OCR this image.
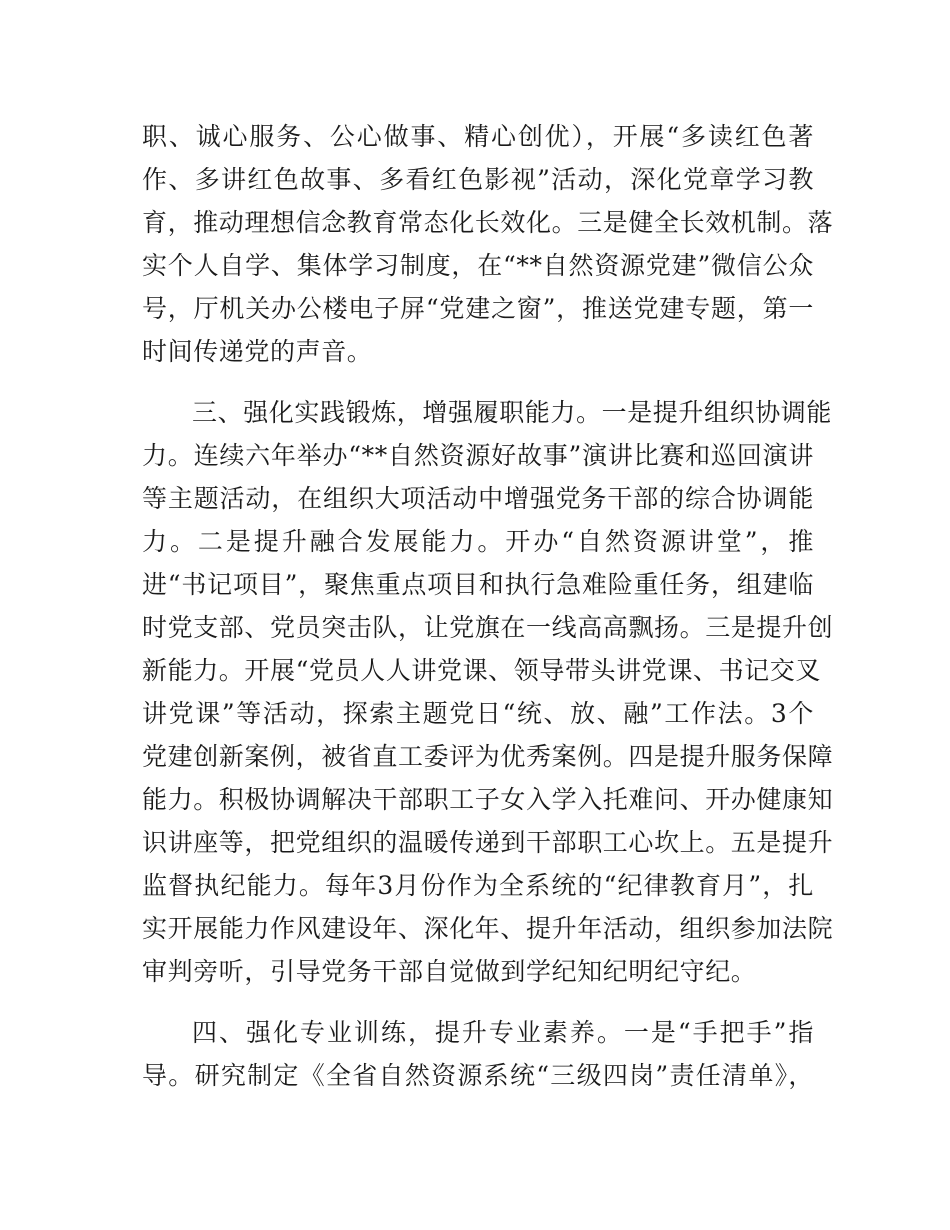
职、诚心服务、公心做事、精心创优），开展“多读红色著
作、多讲红色故事、多看红色影视”活动，深化党章学习教
育，推动理想信念教育常态化长效化。三是健全长效机制。落
实个人自学、集体学习制度，在“**自然资源党建”微信公众
号，厅机关办公楼电子屏“党建之窗”，推送党建专题，第一
时间传递党的声音。
三、强化实践锻炼，增强履职能力。一是提升组织协调能
力。连续六年举办“**自然资源好故事”演讲比赛和巡回演讲
等主题活动，在组织大项活动中增强党务干部的综合协调能
力。二是提升融合发展能力。开办“自然资源讲堂”，推
进“书记项目”，聚焦重点项目和执行急难险重任务，组建临
时党支部、党员突击队，让党旗在一线高高飘扬。三是提升创
新能力。开展“党员人人讲党课、领导带头讲党课、书记交叉
讲党课”等活动，探索主题党日“统、放、融”工作法。3个
党建创新案例，被省直工委评为优秀案例。四是提升服务保障
能力。积极协调解决干部职工子女入学入托难问、开办健康知
识讲座等，把党组织的温暖传递到干部职工心坎上。五是提升
监督执纪能力。每年3月份作为全系统的“纪律教育月”，扎
实开展能力作风建设年、深化年、提升年活动，组织参加法院
审判旁听，引导党务干部自觉做到学纪知纪明纪守纪。
四、强化专业训练，提升专业素养。一是“手把手”指
导。研究制定《全省自然资源系统“三级四岗”责任清单》，
